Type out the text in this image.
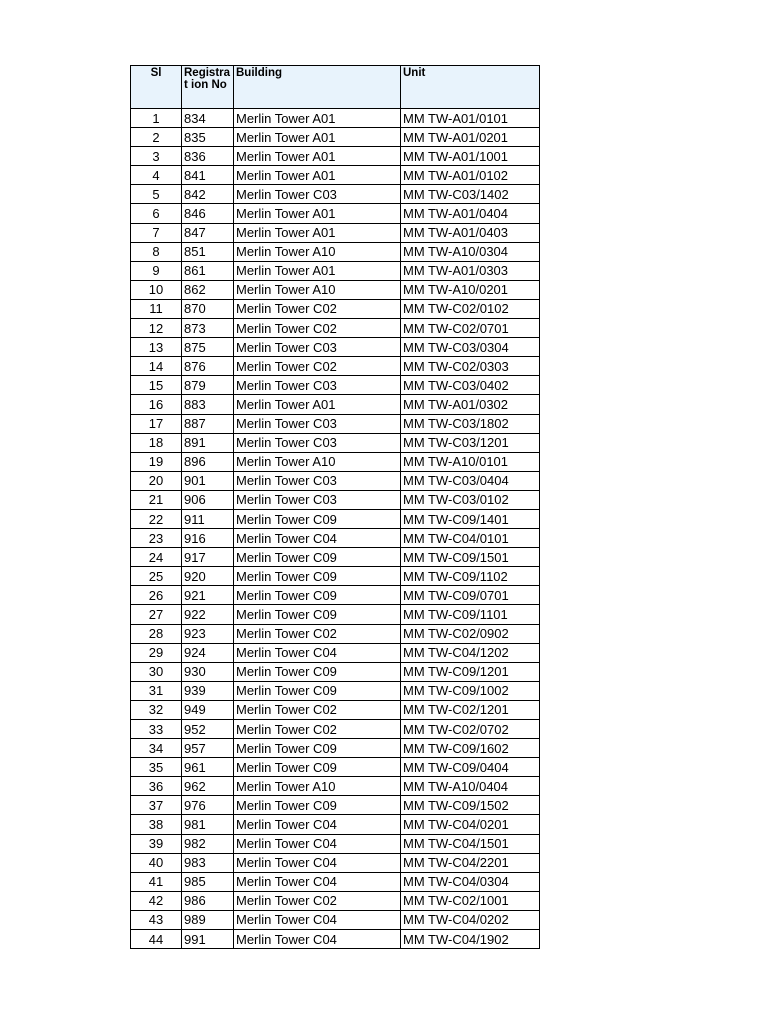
Sl	Registrat ion No	Building	Unit
1	834	Merlin Tower A01	MM TW-A01/0101
2	835	Merlin Tower A01	MM TW-A01/0201
3	836	Merlin Tower A01	MM TW-A01/1001
4	841	Merlin Tower A01	MM TW-A01/0102
5	842	Merlin Tower C03	MM TW-C03/1402
6	846	Merlin Tower A01	MM TW-A01/0404
7	847	Merlin Tower A01	MM TW-A01/0403
8	851	Merlin Tower A10	MM TW-A10/0304
9	861	Merlin Tower A01	MM TW-A01/0303
10	862	Merlin Tower A10	MM TW-A10/0201
11	870	Merlin Tower C02	MM TW-C02/0102
12	873	Merlin Tower C02	MM TW-C02/0701
13	875	Merlin Tower C03	MM TW-C03/0304
14	876	Merlin Tower C02	MM TW-C02/0303
15	879	Merlin Tower C03	MM TW-C03/0402
16	883	Merlin Tower A01	MM TW-A01/0302
17	887	Merlin Tower C03	MM TW-C03/1802
18	891	Merlin Tower C03	MM TW-C03/1201
19	896	Merlin Tower A10	MM TW-A10/0101
20	901	Merlin Tower C03	MM TW-C03/0404
21	906	Merlin Tower C03	MM TW-C03/0102
22	911	Merlin Tower C09	MM TW-C09/1401
23	916	Merlin Tower C04	MM TW-C04/0101
24	917	Merlin Tower C09	MM TW-C09/1501
25	920	Merlin Tower C09	MM TW-C09/1102
26	921	Merlin Tower C09	MM TW-C09/0701
27	922	Merlin Tower C09	MM TW-C09/1101
28	923	Merlin Tower C02	MM TW-C02/0902
29	924	Merlin Tower C04	MM TW-C04/1202
30	930	Merlin Tower C09	MM TW-C09/1201
31	939	Merlin Tower C09	MM TW-C09/1002
32	949	Merlin Tower C02	MM TW-C02/1201
33	952	Merlin Tower C02	MM TW-C02/0702
34	957	Merlin Tower C09	MM TW-C09/1602
35	961	Merlin Tower C09	MM TW-C09/0404
36	962	Merlin Tower A10	MM TW-A10/0404
37	976	Merlin Tower C09	MM TW-C09/1502
38	981	Merlin Tower C04	MM TW-C04/0201
39	982	Merlin Tower C04	MM TW-C04/1501
40	983	Merlin Tower C04	MM TW-C04/2201
41	985	Merlin Tower C04	MM TW-C04/0304
42	986	Merlin Tower C02	MM TW-C02/1001
43	989	Merlin Tower C04	MM TW-C04/0202
44	991	Merlin Tower C04	MM TW-C04/1902
